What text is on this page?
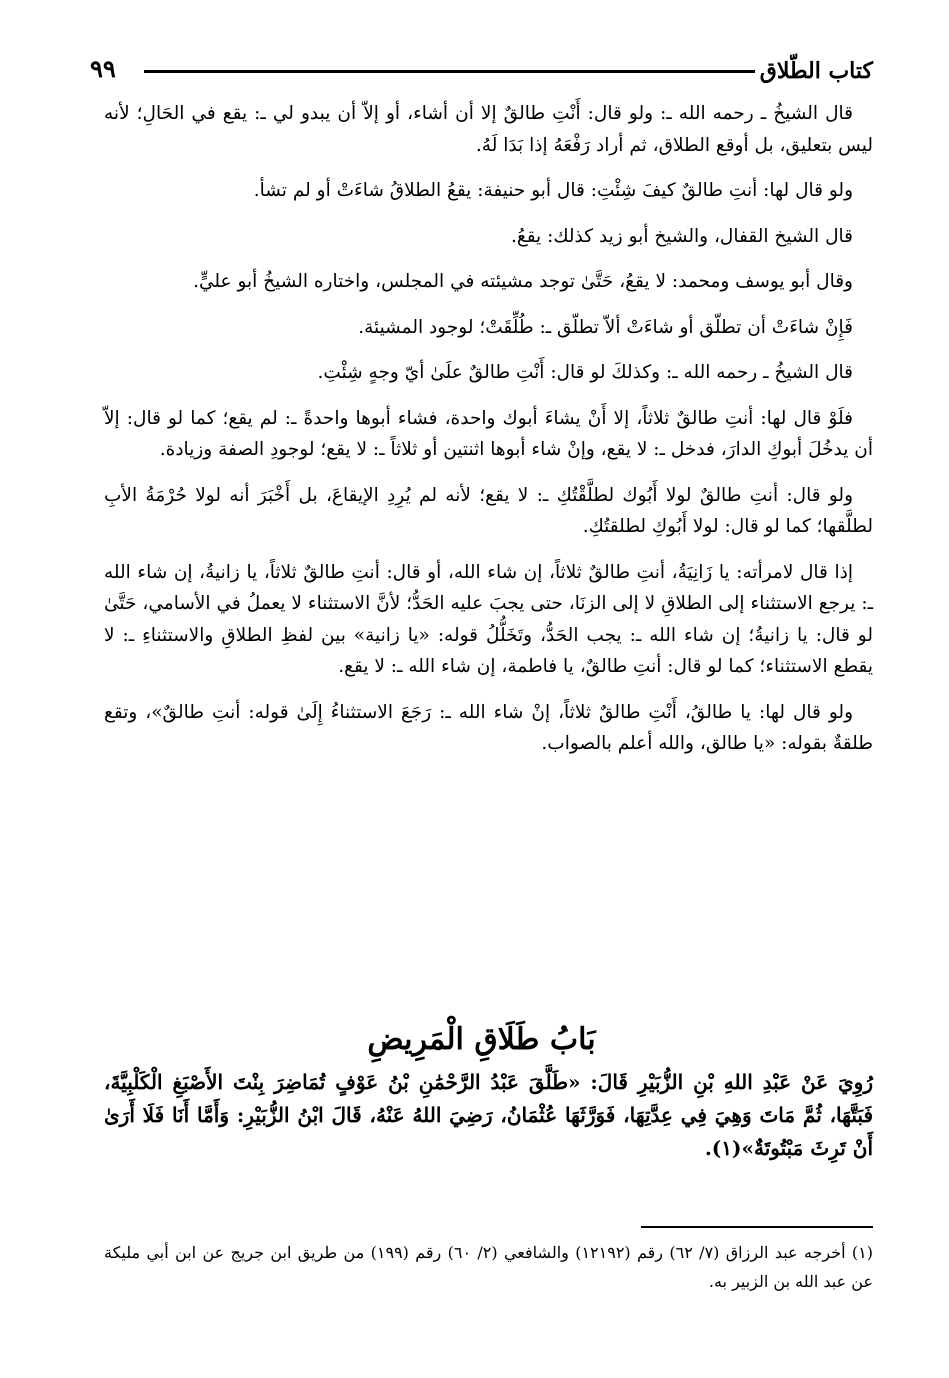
كتاب الطّلاق
٩٩

قال الشيخُ ـ رحمه الله ـ: ولو قال: أَنْتِ طالقٌ إلا أن أشاء، أو إلاّ أن يبدو لي ـ: يقع في الحَالِ؛ لأنه ليس بتعليق، بل أوقع الطلاق، ثم أراد رَفْعَهُ إذا بَدَا لَهُ.

ولو قال لها: أنتِ طالقٌ كيفَ شِئْتِ: قال أبو حنيفة: يقعُ الطلاقُ شاءَتْ أو لم تشأ.

قال الشيخ القفال، والشيخ أبو زيد كذلك: يقعُ.

وقال أبو يوسف ومحمد: لا يقعُ، حَتَّىٰ توجد مشيئته في المجلس، واختاره الشيخُ أبو عليٍّ.

فَإِنْ شاءَتْ أن تطلّق أو شاءَتْ ألاّ تطلّق ـ: طُلِّقَتْ؛ لوجود المشيئة.

قال الشيخُ ـ رحمه الله ـ: وكذلكَ لو قال: أَنْتِ طالقٌ علَىٰ أيّ وجهٍ شِئْتِ.

فلَوْ قال لها: أنتِ طالقٌ ثلاثاً، إلا أَنْ يشاءَ أبوك واحدة، فشاء أبوها واحدةً ـ: لم يقع؛ كما لو قال: إلاّ أن يدخُلَ أبوكِ الدارَ، فدخل ـ: لا يقع، وإنْ شاء أبوها اثنتين أو ثلاثاً ـ: لا يقع؛ لوجودِ الصفة وزيادة.

ولو قال: أنتِ طالقٌ لولا أَبُوك لطلَّقْتُكِ ـ: لا يقع؛ لأنه لم يُرِدِ الإيقاعَ، بل أَخْبَرَ أنه لولا حُرْمَةُ الأبِ لطلَّقها؛ كما لو قال: لولا أَبُوكِ لطلقتُكِ.

إذا قال لامرأته: يا زَانِيَةُ، أنتِ طالقٌ ثلاثاً، إن شاء الله، أو قال: أنتِ طالقٌ ثلاثاً، يا زانيةُ، إن شاء الله ـ: يرجع الاستثناء إلى الطلاقِ لا إلى الزنَا، حتى يجبَ عليه الحَدُّ؛ لأنَّ الاستثناء لا يعملُ في الأسامي، حَتَّىٰ لو قال: يا زانيةُ؛ إن شاء الله ـ: يجب الحَدُّ، وتَخَلُّلُ قوله: «يا زانية» بين لفظِ الطلاقِ والاستثناءِ ـ: لا يقطع الاستثناء؛ كما لو قال: أنتِ طالقٌ، يا فاطمة، إن شاء الله ـ: لا يقع.

ولو قال لها: يا طالقُ، أَنْتِ طالقٌ ثلاثاً، إنْ شاء الله ـ: رَجَعَ الاستثناءُ إِلَىٰ قوله: أنتِ طالقٌ»، وتقع طلقةٌ بقوله: «يا طالق، والله أعلم بالصواب.

بَابُ طَلَاقِ الْمَرِيضِ
رُوِيَ عَنْ عَبْدِ اللهِ بْنِ الزُّبَيْرِ قَالَ: «طَلَّقَ عَبْدُ الرَّحْمَٰنِ بْنُ عَوْفٍ تُمَاضِرَ بِنْتَ الأَصْبَغِ الْكَلْبِيَّةَ، فَبَتَّهَا، ثُمَّ مَاتَ وَهِيَ فِي عِدَّتِهَا، فَوَرَّثَهَا عُثْمَانُ، رَضِيَ اللهُ عَنْهُ، قَالَ ابْنُ الزُّبَيْرِ: وَأَمَّا أَنَا فَلَا أَرَىٰ أَنْ تَرِثَ مَبْتُوتَةٌ»(١).

(١) أخرجه عبد الرزاق (٧/ ٦٢) رقم (١٢١٩٢) والشافعي (٢/ ٦٠) رقم (١٩٩) من طريق ابن جريج عن ابن أبي مليكة عن عبد الله بن الزبير به.
